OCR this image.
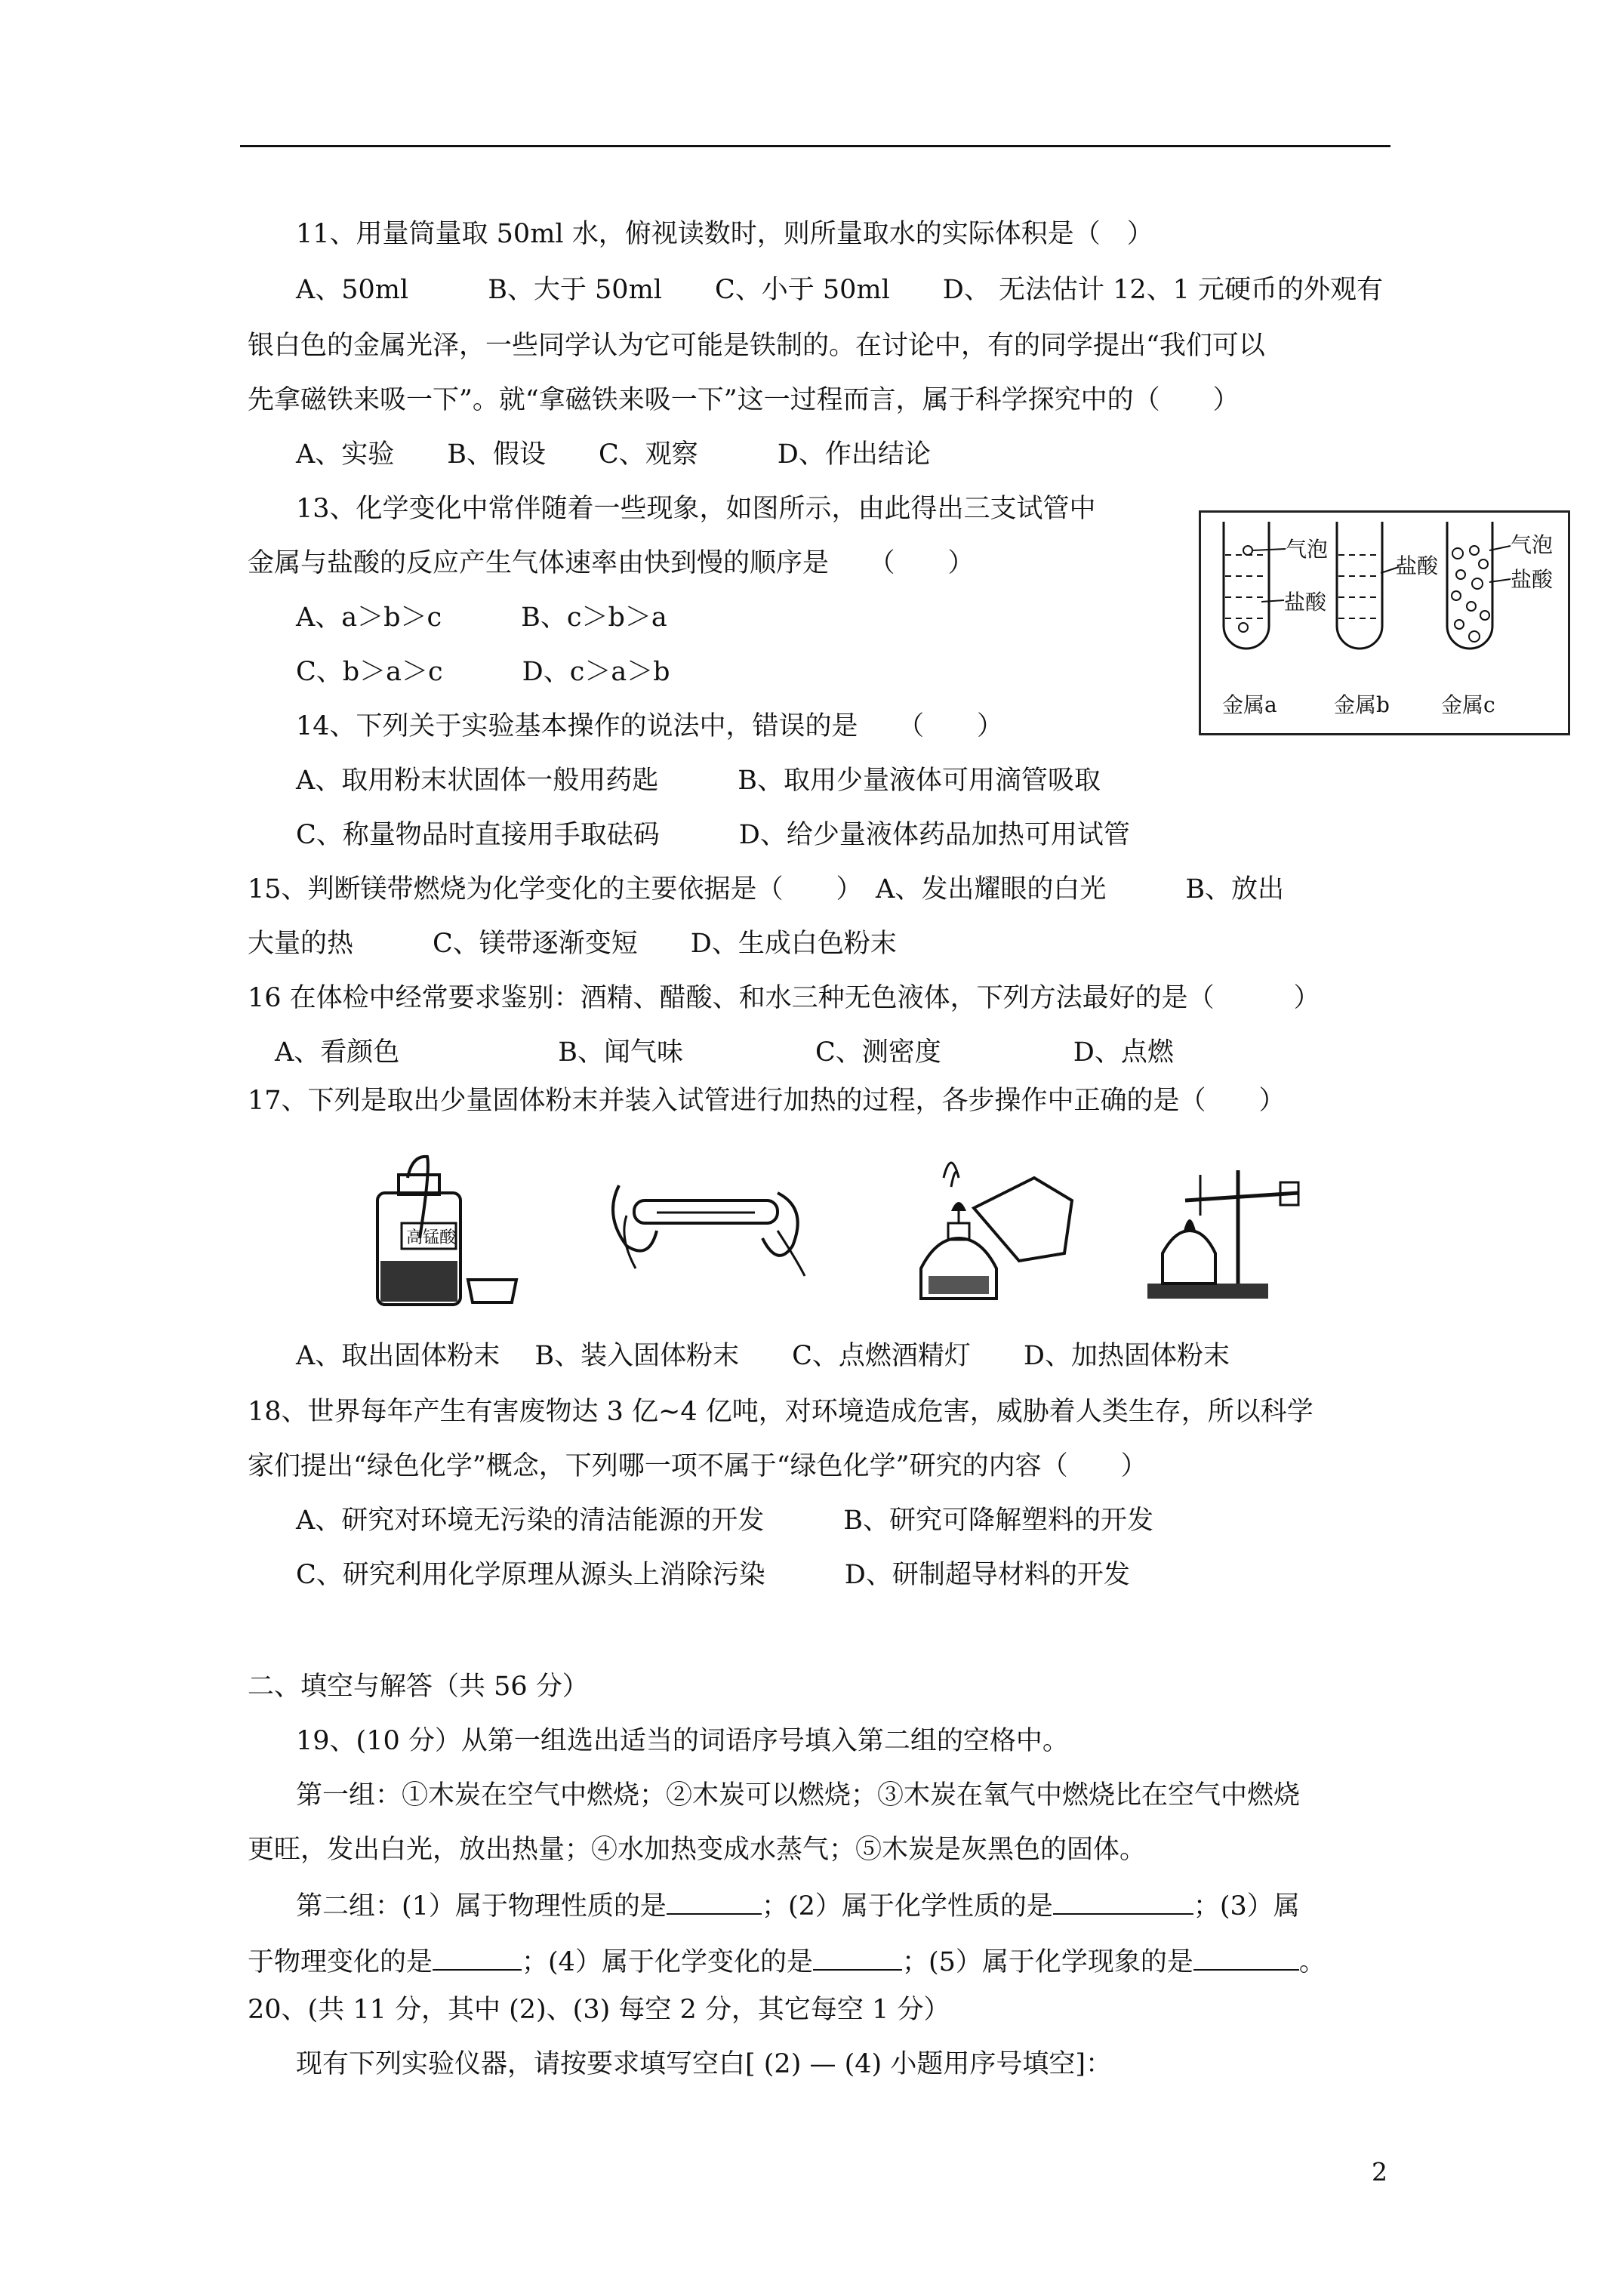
11、用量筒量取 50ml 水，俯视读数时，则所量取水的实际体积是（　）
A、50ml　　　B、大于 50ml　　C、小于 50ml　　D、 无法估计 12、1 元硬币的外观有
银白色的金属光泽，一些同学认为它可能是铁制的。在讨论中，有的同学提出“我们可以
先拿磁铁来吸一下”。就“拿磁铁来吸一下”这一过程而言，属于科学探究中的（　　）
A、实验　　B、假设　　C、观察　　　D、作出结论
13、化学变化中常伴随着一些现象，如图所示，由此得出三支试管中
金属与盐酸的反应产生气体速率由快到慢的顺序是　　（　　）
A、a＞b＞c　　　B、c＞b＞a
C、b＞a＞c　　　D、c＞a＞b
气泡
盐酸
盐酸
气泡
盐酸
金属a	金属b 金属c
14、下列关于实验基本操作的说法中，错误的是　　（　　）
A、取用粉末状固体一般用药匙　　　B、取用少量液体可用滴管吸取
C、称量物品时直接用手取砝码　　　D、给少量液体药品加热可用试管
15、判断镁带燃烧为化学变化的主要依据是（　　）　A、发出耀眼的白光　　　B、放出
大量的热　　　C、镁带逐渐变短　　D、生成白色粉末
16 在体检中经常要求鉴别：酒精、醋酸、和水三种无色液体，下列方法最好的是（　　　）
A、看颜色　　　　　　B、闻气味　　　　　C、测密度　　　　　D、点燃
17、下列是取出少量固体粉末并装入试管进行加热的过程，各步操作中正确的是（　　）
高锰酸
A、取出固体粉末　 B、装入固体粉末　　C、点燃酒精灯　　D、加热固体粉末
18、世界每年产生有害废物达 3 亿~4 亿吨，对环境造成危害，威胁着人类生存，所以科学
家们提出“绿色化学”概念，下列哪一项不属于“绿色化学”研究的内容（　　）
A、研究对环境无污染的清洁能源的开发　　　B、研究可降解塑料的开发
C、研究利用化学原理从源头上消除污染　　　D、研制超导材料的开发
二、填空与解答（共 56 分）
19、(10 分）从第一组选出适当的词语序号填入第二组的空格中。
第一组：①木炭在空气中燃烧；②木炭可以燃烧；③木炭在氧气中燃烧比在空气中燃烧
更旺，发出白光，放出热量；④水加热变成水蒸气；⑤木炭是灰黑色的固体。
第二组：(1）属于物理性质的是	；(2）属于化学性质的是	；(3）属
于物理变化的是	；(4）属于化学变化的是	；(5）属于化学现象的是	。
20、(共 11 分，其中 (2)、(3) 每空 2 分，其它每空 1 分）
现有下列实验仪器，请按要求填写空白[ (2) — (4) 小题用序号填空]：
2
